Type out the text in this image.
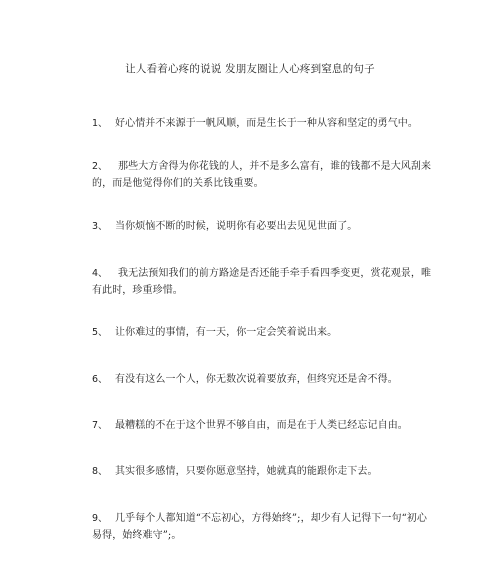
让人看着心疼的说说 发朋友圈让人心疼到窒息的句子

1、 好心情并不来源于一帆风顺，而是生长于一种从容和坚定的勇气中。

2、 那些大方舍得为你花钱的人，并不是多么富有，谁的钱都不是大风刮来的，而是他觉得你们的关系比钱重要。

3、 当你烦恼不断的时候，说明你有必要出去见见世面了。

4、 我无法预知我们的前方路途是否还能手牵手看四季变更，赏花观景，唯有此时，珍重珍惜。

5、 让你难过的事情，有一天，你一定会笑着说出来。

6、 有没有这么一个人，你无数次说着要放弃，但终究还是舍不得。

7、 最糟糕的不在于这个世界不够自由，而是在于人类已经忘记自由。

8、 其实很多感情，只要你愿意坚持，她就真的能跟你走下去。

9、 几乎每个人都知道“不忘初心，方得始终”;，却少有人记得下一句“初心易得，始终难守”;。
